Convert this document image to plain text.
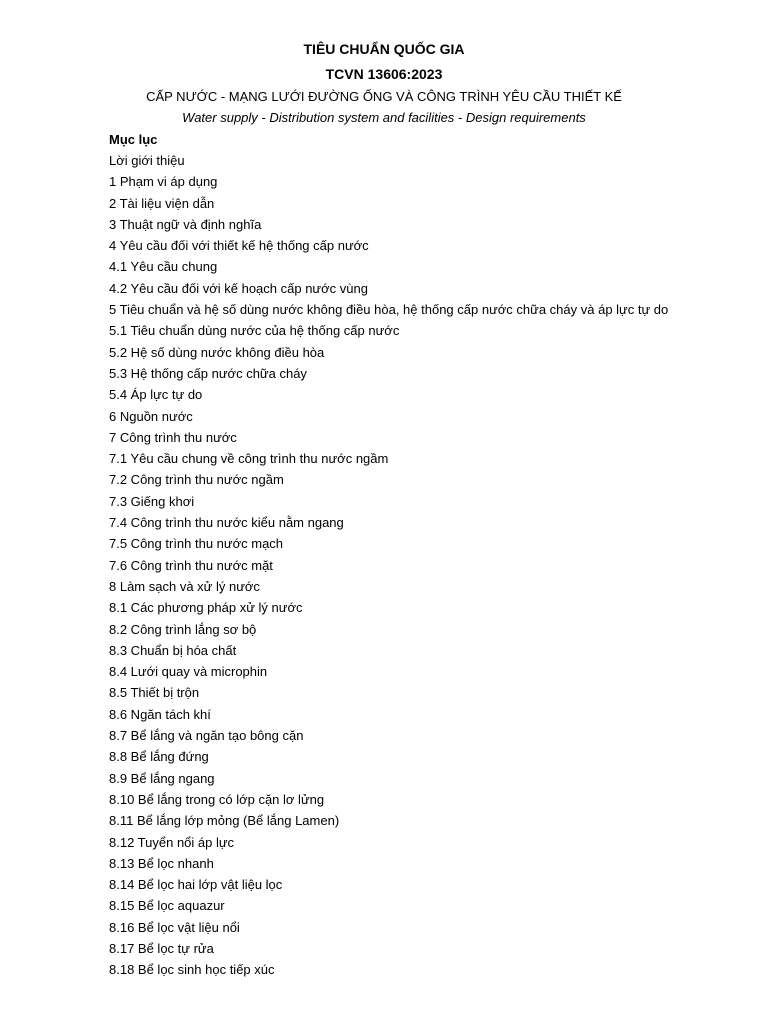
TIÊU CHUẨN QUỐC GIA
TCVN 13606:2023
CẤP NƯỚC - MẠNG LƯỚI ĐƯỜNG ỐNG VÀ CÔNG TRÌNH YÊU CẦU THIẾT KẾ
Water supply - Distribution system and facilities - Design requirements
Mục lục
Lời giới thiệu
1 Phạm vi áp dụng
2 Tài liệu viện dẫn
3 Thuật ngữ và định nghĩa
4 Yêu cầu đối với thiết kế hệ thống cấp nước
4.1 Yêu cầu chung
4.2 Yêu cầu đối với kế hoạch cấp nước vùng
5 Tiêu chuẩn và hệ số dùng nước không điều hòa, hệ thống cấp nước chữa cháy và áp lực tự do
5.1 Tiêu chuẩn dùng nước của hệ thống cấp nước
5.2 Hệ số dùng nước không điều hòa
5.3 Hệ thống cấp nước chữa cháy
5.4 Áp lực tự do
6 Nguồn nước
7 Công trình thu nước
7.1 Yêu cầu chung về công trình thu nước ngầm
7.2 Công trình thu nước ngầm
7.3 Giếng khơi
7.4 Công trình thu nước kiểu nằm ngang
7.5 Công trình thu nước mạch
7.6 Công trình thu nước mặt
8 Làm sạch và xử lý nước
8.1 Các phương pháp xử lý nước
8.2 Công trình lắng sơ bộ
8.3 Chuẩn bị hóa chất
8.4 Lưới quay và microphin
8.5 Thiết bị trộn
8.6 Ngăn tách khí
8.7 Bể lắng và ngăn tạo bông cặn
8.8 Bể lắng đứng
8.9 Bể lắng ngang
8.10 Bể lắng trong có lớp cặn lơ lửng
8.11 Bể lắng lớp mỏng (Bể lắng Lamen)
8.12 Tuyển nổi áp lực
8.13 Bể lọc nhanh
8.14 Bể lọc hai lớp vật liệu lọc
8.15 Bể lọc aquazur
8.16 Bể lọc vật liệu nổi
8.17 Bể lọc tự rửa
8.18 Bể lọc sinh học tiếp xúc
